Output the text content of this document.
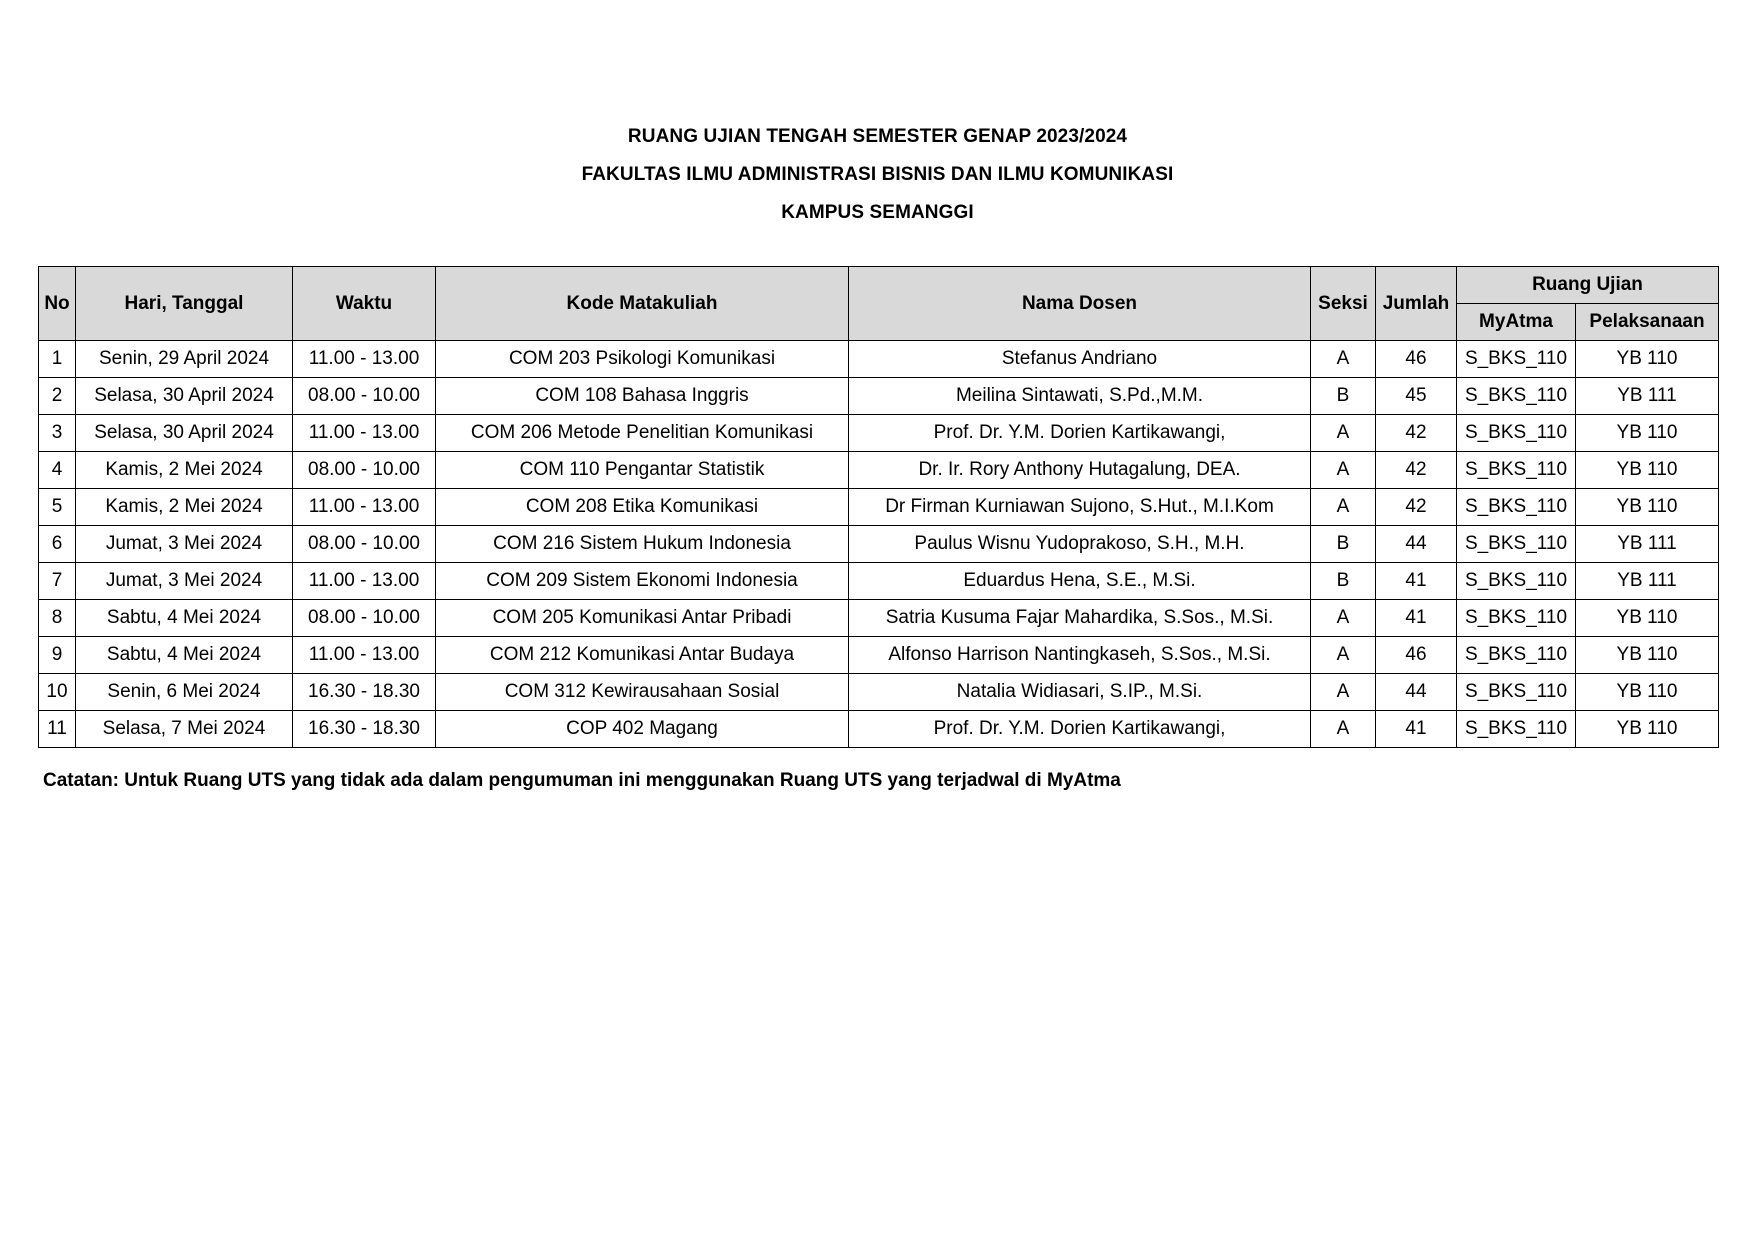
RUANG UJIAN TENGAH SEMESTER GENAP 2023/2024
FAKULTAS ILMU ADMINISTRASI BISNIS DAN ILMU KOMUNIKASI
KAMPUS SEMANGGI
No	Hari, Tanggal	Waktu	Kode Matakuliah	Nama Dosen	Seksi	Jumlah	Ruang Ujian	
							MyAtma	Pelaksanaan
1	Senin, 29 April 2024	11.00 - 13.00	COM 203 Psikologi Komunikasi	Stefanus Andriano	A	46	S_BKS_110	YB 110
2	Selasa, 30 April 2024	08.00 - 10.00	COM 108 Bahasa Inggris	Meilina Sintawati, S.Pd.,M.M.	B	45	S_BKS_110	YB 111
3	Selasa, 30 April 2024	11.00 - 13.00	COM 206 Metode Penelitian Komunikasi	Prof. Dr. Y.M. Dorien Kartikawangi,	A	42	S_BKS_110	YB 110
4	Kamis, 2 Mei 2024	08.00 - 10.00	COM 110 Pengantar Statistik	Dr. Ir. Rory Anthony Hutagalung, DEA.	A	42	S_BKS_110	YB 110
5	Kamis, 2 Mei 2024	11.00 - 13.00	COM 208 Etika Komunikasi	Dr Firman Kurniawan Sujono, S.Hut., M.I.Kom	A	42	S_BKS_110	YB 110
6	Jumat, 3 Mei 2024	08.00 - 10.00	COM 216 Sistem Hukum Indonesia	Paulus Wisnu Yudoprakoso, S.H., M.H.	B	44	S_BKS_110	YB 111
7	Jumat, 3 Mei 2024	11.00 - 13.00	COM 209 Sistem Ekonomi Indonesia	Eduardus Hena, S.E., M.Si.	B	41	S_BKS_110	YB 111
8	Sabtu, 4 Mei 2024	08.00 - 10.00	COM 205 Komunikasi Antar Pribadi	Satria Kusuma Fajar Mahardika, S.Sos., M.Si.	A	41	S_BKS_110	YB 110
9	Sabtu, 4 Mei 2024	11.00 - 13.00	COM 212 Komunikasi Antar Budaya	Alfonso Harrison Nantingkaseh, S.Sos., M.Si.	A	46	S_BKS_110	YB 110
10	Senin, 6 Mei 2024	16.30 - 18.30	COM 312 Kewirausahaan Sosial	Natalia Widiasari, S.IP., M.Si.	A	44	S_BKS_110	YB 110
11	Selasa, 7 Mei 2024	16.30 - 18.30	COP 402 Magang	Prof. Dr. Y.M. Dorien Kartikawangi,	A	41	S_BKS_110	YB 110
Catatan: Untuk Ruang UTS yang tidak ada dalam pengumuman ini menggunakan Ruang UTS yang terjadwal di MyAtma
